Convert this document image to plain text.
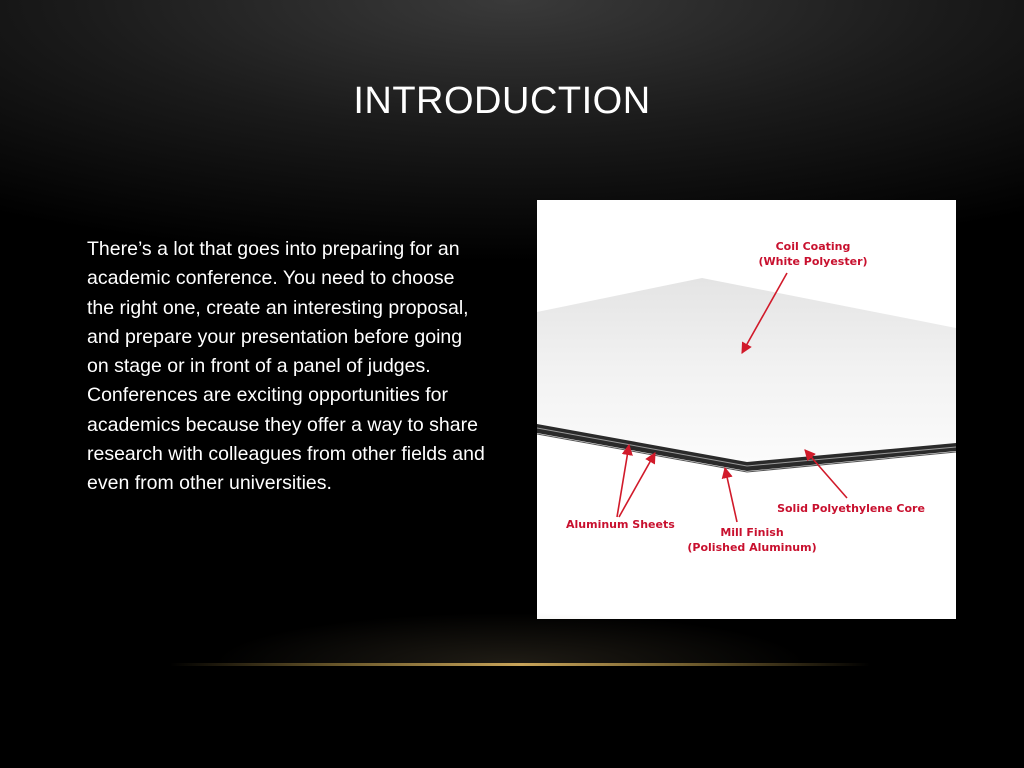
INTRODUCTION
There’s a lot that goes into preparing for an academic conference. You need to choose the right one, create an interesting proposal, and prepare your presentation before going on stage or in front of a panel of judges. Conferences are exciting opportunities for academics because they offer a way to share research with colleagues from other fields and even from other universities.
Coil Coating
(White Polyester)
Aluminum Sheets
Mill Finish
(Polished Aluminum)
Solid Polyethylene Core
